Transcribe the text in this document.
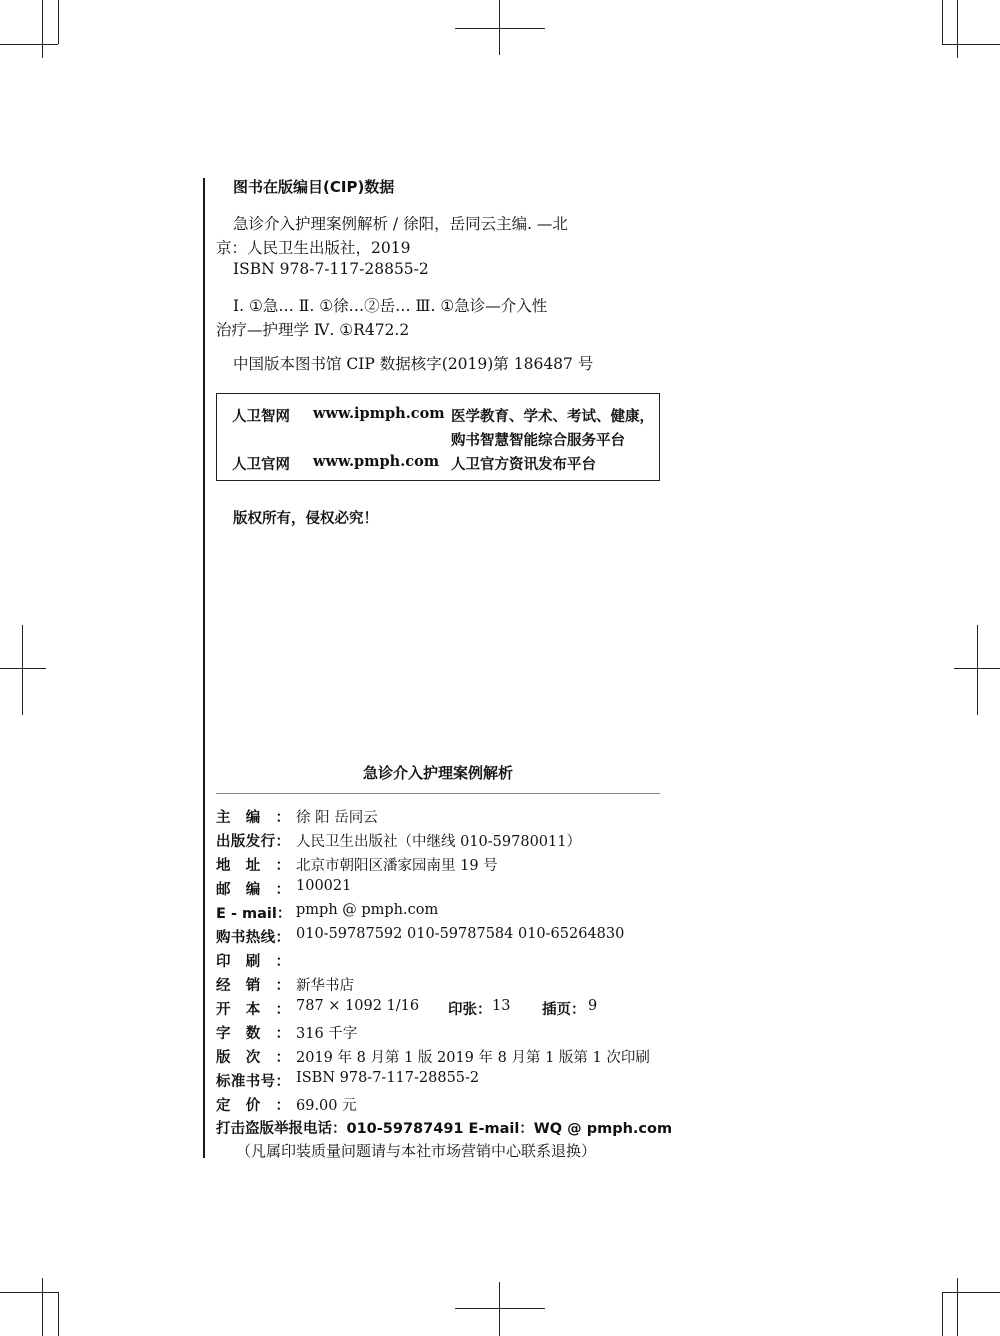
图书在版编目(CIP)数据
急诊介入护理案例解析 / 徐阳，岳同云主编. —北
京：人民卫生出版社，2019
ISBN 978-7-117-28855-2
Ⅰ. ①急… Ⅱ. ①徐…②岳… Ⅲ. ①急诊—介入性
治疗—护理学 Ⅳ. ①R472.2
中国版本图书馆 CIP 数据核字(2019)第 186487 号
人卫智网 www.ipmph.com 医学教育、学术、考试、健康，
购书智慧智能综合服务平台
人卫官网 www.pmph.com 人卫官方资讯发布平台
版权所有，侵权必究！
急诊介入护理案例解析
主编： 徐 阳 岳同云
出版发行： 人民卫生出版社（中继线 010-59780011）
地址： 北京市朝阳区潘家园南里 19 号
邮编： 100021
E - mail： pmph @ pmph.com
购书热线： 010-59787592 010-59787584 010-65264830
印刷：
经销： 新华书店
开本： 787 × 1092 1/16 印张： 13 插页： 9
字数： 316 千字
版次： 2019 年 8 月第 1 版 2019 年 8 月第 1 版第 1 次印刷
标准书号： ISBN 978-7-117-28855-2
定价： 69.00 元
打击盗版举报电话：010-59787491 E-mail：WQ @ pmph.com
（凡属印装质量问题请与本社市场营销中心联系退换）
